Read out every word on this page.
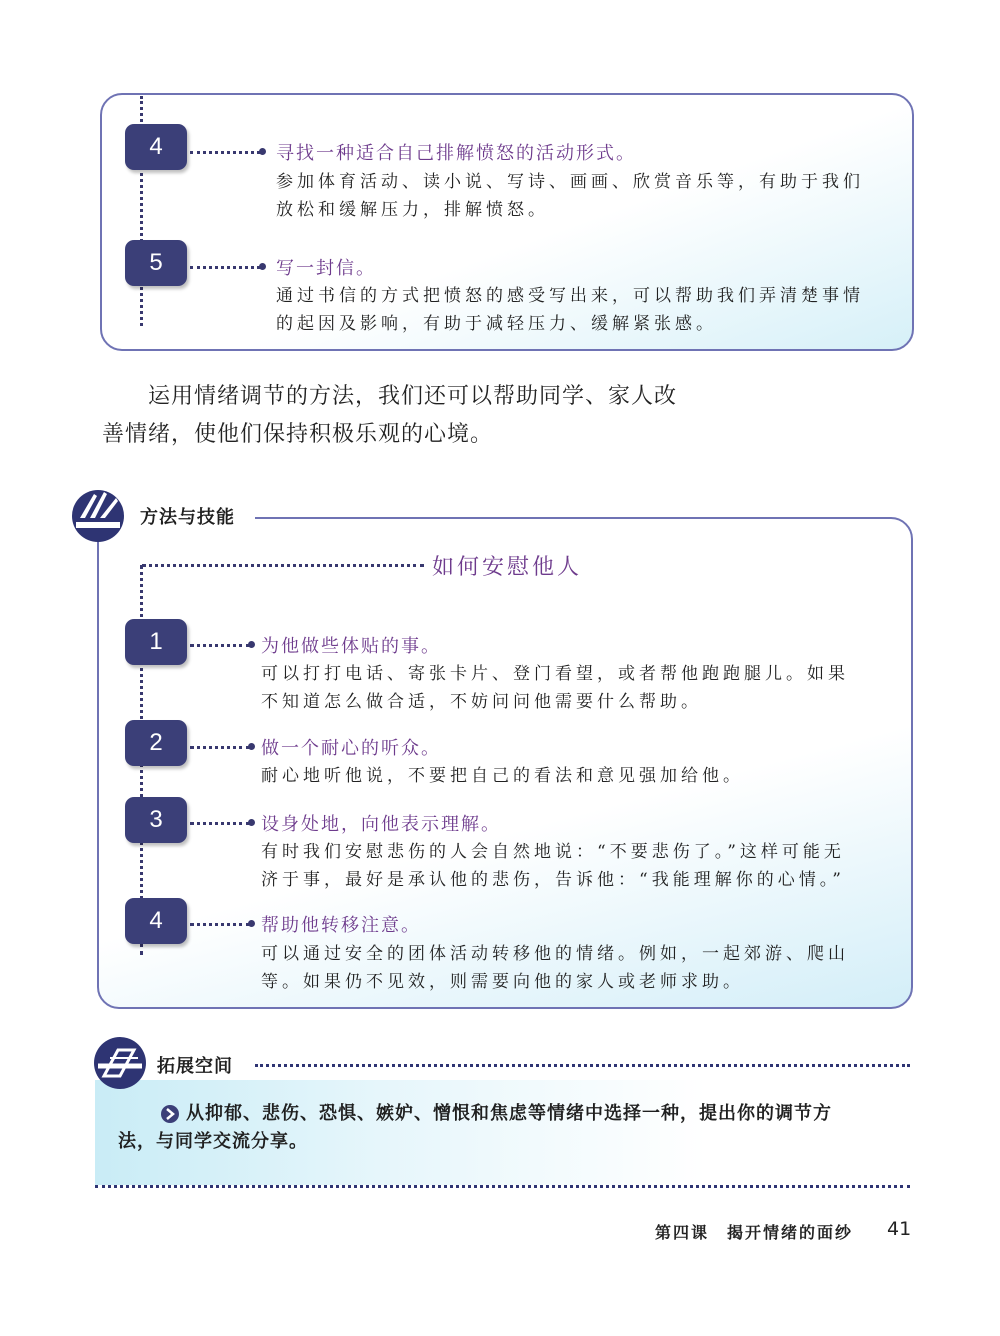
4	寻找一种适合自己排解愤怒的活动形式。
参加体育活动、读小说、写诗、画画、欣赏音乐等，有助于我们
放松和缓解压力，排解愤怒。
5	写一封信。
通过书信的方式把愤怒的感受写出来，可以帮助我们弄清楚事情
的起因及影响，有助于减轻压力、缓解紧张感。
运用情绪调节的方法，我们还可以帮助同学、家人改
善情绪，使他们保持积极乐观的心境。
方法与技能
如何安慰他人
1	为他做些体贴的事。
可以打打电话、寄张卡片、登门看望，或者帮他跑跑腿儿。如果
不知道怎么做合适，不妨问问他需要什么帮助。
2	做一个耐心的听众。
耐心地听他说，不要把自己的看法和意见强加给他。
3	设身处地，向他表示理解。
有时我们安慰悲伤的人会自然地说：“不要悲伤了。”这样可能无
济于事，最好是承认他的悲伤，告诉他：“我能理解你的心情。”
4	帮助他转移注意。
可以通过安全的团体活动转移他的情绪。例如，一起郊游、爬山
等。如果仍不见效，则需要向他的家人或老师求助。
拓展空间
从抑郁、悲伤、恐惧、嫉妒、憎恨和焦虑等情绪中选择一种，提出你的调节方
法，与同学交流分享。
第四课　揭开情绪的面纱 41
